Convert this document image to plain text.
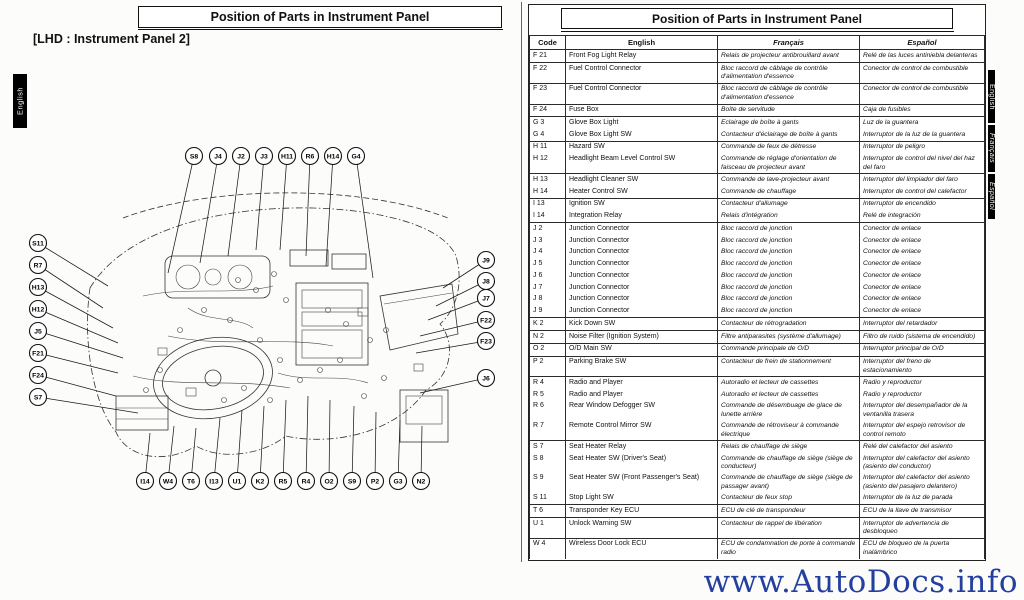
Position of Parts in Instrument Panel
[LHD : Instrument Panel 2]
English
S8 J4 J2 J3 H11 R6 H14 G4
S11
R7
H13
H12
J5
F21
F24
S7
J9
J8
J7
F22
F23
J6
I14 W4 T6 I13 U1 K2 R5 R4 O2 S9 P2 G3 N2
Position of Parts in Instrument Panel
Code	English	Français	Español
F 21	Front Fog Light Relay	Relais de projecteur antibrouillard avant	Relé de las luces antiniebla delanteras
F 22	Fuel Control Connector	Bloc raccord de câblage de contrôle d'alimentation d'essence	Conector de control de combustible
F 23	Fuel Control Connector	Bloc raccord de câblage de contrôle d'alimentation d'essence	Conector de control de combustible
F 24	Fuse Box	Boîte de servitude	Caja de fusibles
G 3	Glove Box Light	Eclairage de boîte à gants	Luz de la guantera
G 4	Glove Box Light SW	Contacteur d'éclairage de boîte à gants	Interruptor de la luz de la guantera
H 11	Hazard SW	Commande de feux de détresse	Interruptor de peligro
H 12	Headlight Beam Level Control SW	Commande de réglage d'orientation de faisceau de projecteur avant	Interruptor de control del nivel del haz del faro
H 13	Headlight Cleaner SW	Commande de lave-projecteur avant	Interruptor del limpiador del faro
H 14	Heater Control SW	Commande de chauffage	Interruptor de control del calefactor
I 13	Ignition SW	Contacteur d'allumage	Interruptor de encendido
I 14	Integration Relay	Relais d'intégration	Relé de integración
J 2	Junction Connector	Bloc raccord de jonction	Conector de enlace
J 3	Junction Connector	Bloc raccord de jonction	Conector de enlace
J 4	Junction Connector	Bloc raccord de jonction	Conector de enlace
J 5	Junction Connector	Bloc raccord de jonction	Conector de enlace
J 6	Junction Connector	Bloc raccord de jonction	Conector de enlace
J 7	Junction Connector	Bloc raccord de jonction	Conector de enlace
J 8	Junction Connector	Bloc raccord de jonction	Conector de enlace
J 9	Junction Connector	Bloc raccord de jonction	Conector de enlace
K 2	Kick Down SW	Contacteur de rétrogradation	Interruptor del retardador
N 2	Noise Filter (Ignition System)	Filtre antiparasites (système d'allumage)	Filtro de ruido (sistema de encendido)
O 2	O/D Main SW	Commande principale de O/D	Interruptor principal de O/D
P 2	Parking Brake SW	Contacteur de frein de stationnement	Interruptor del freno de estacionamiento
R 4	Radio and Player	Autoradio et lecteur de cassettes	Radio y reproductor
R 5	Radio and Player	Autoradio et lecteur de cassettes	Radio y reproductor
R 6	Rear Window Defogger SW	Commande de désembuage de glace de lunette arrière	Interruptor del desempañador de la ventanilla trasera
R 7	Remote Control Mirror SW	Commande de rétroviseur à commande électrique	Interruptor del espejo retrovisor de control remoto
S 7	Seat Heater Relay	Relais de chauffage de siège	Relé del calefactor del asiento
S 8	Seat Heater SW (Driver's Seat)	Commande de chauffage de siège (siège de conducteur)	Interruptor del calefactor del asiento (asiento del conductor)
S 9	Seat Heater SW (Front Passenger's Seat)	Commande de chauffage de siège (siège de passager avant)	Interruptor del calefactor del asiento (asiento del pasajero delantero)
S 11	Stop Light SW	Contacteur de feux stop	Interruptor de la luz de parada
T 6	Transponder Key ECU	ECU de clé de transpondeur	ECU de la llave de transmisor
U 1	Unlock Warning SW	Contacteur de rappel de libération	Interruptor de advertencia de desbloqueo
W 4	Wireless Door Lock ECU	ECU de condamnation de porte à commande radio	ECU de bloqueo de la puerta inalámbrico
English
Français
Español
www.AutoDocs.info
